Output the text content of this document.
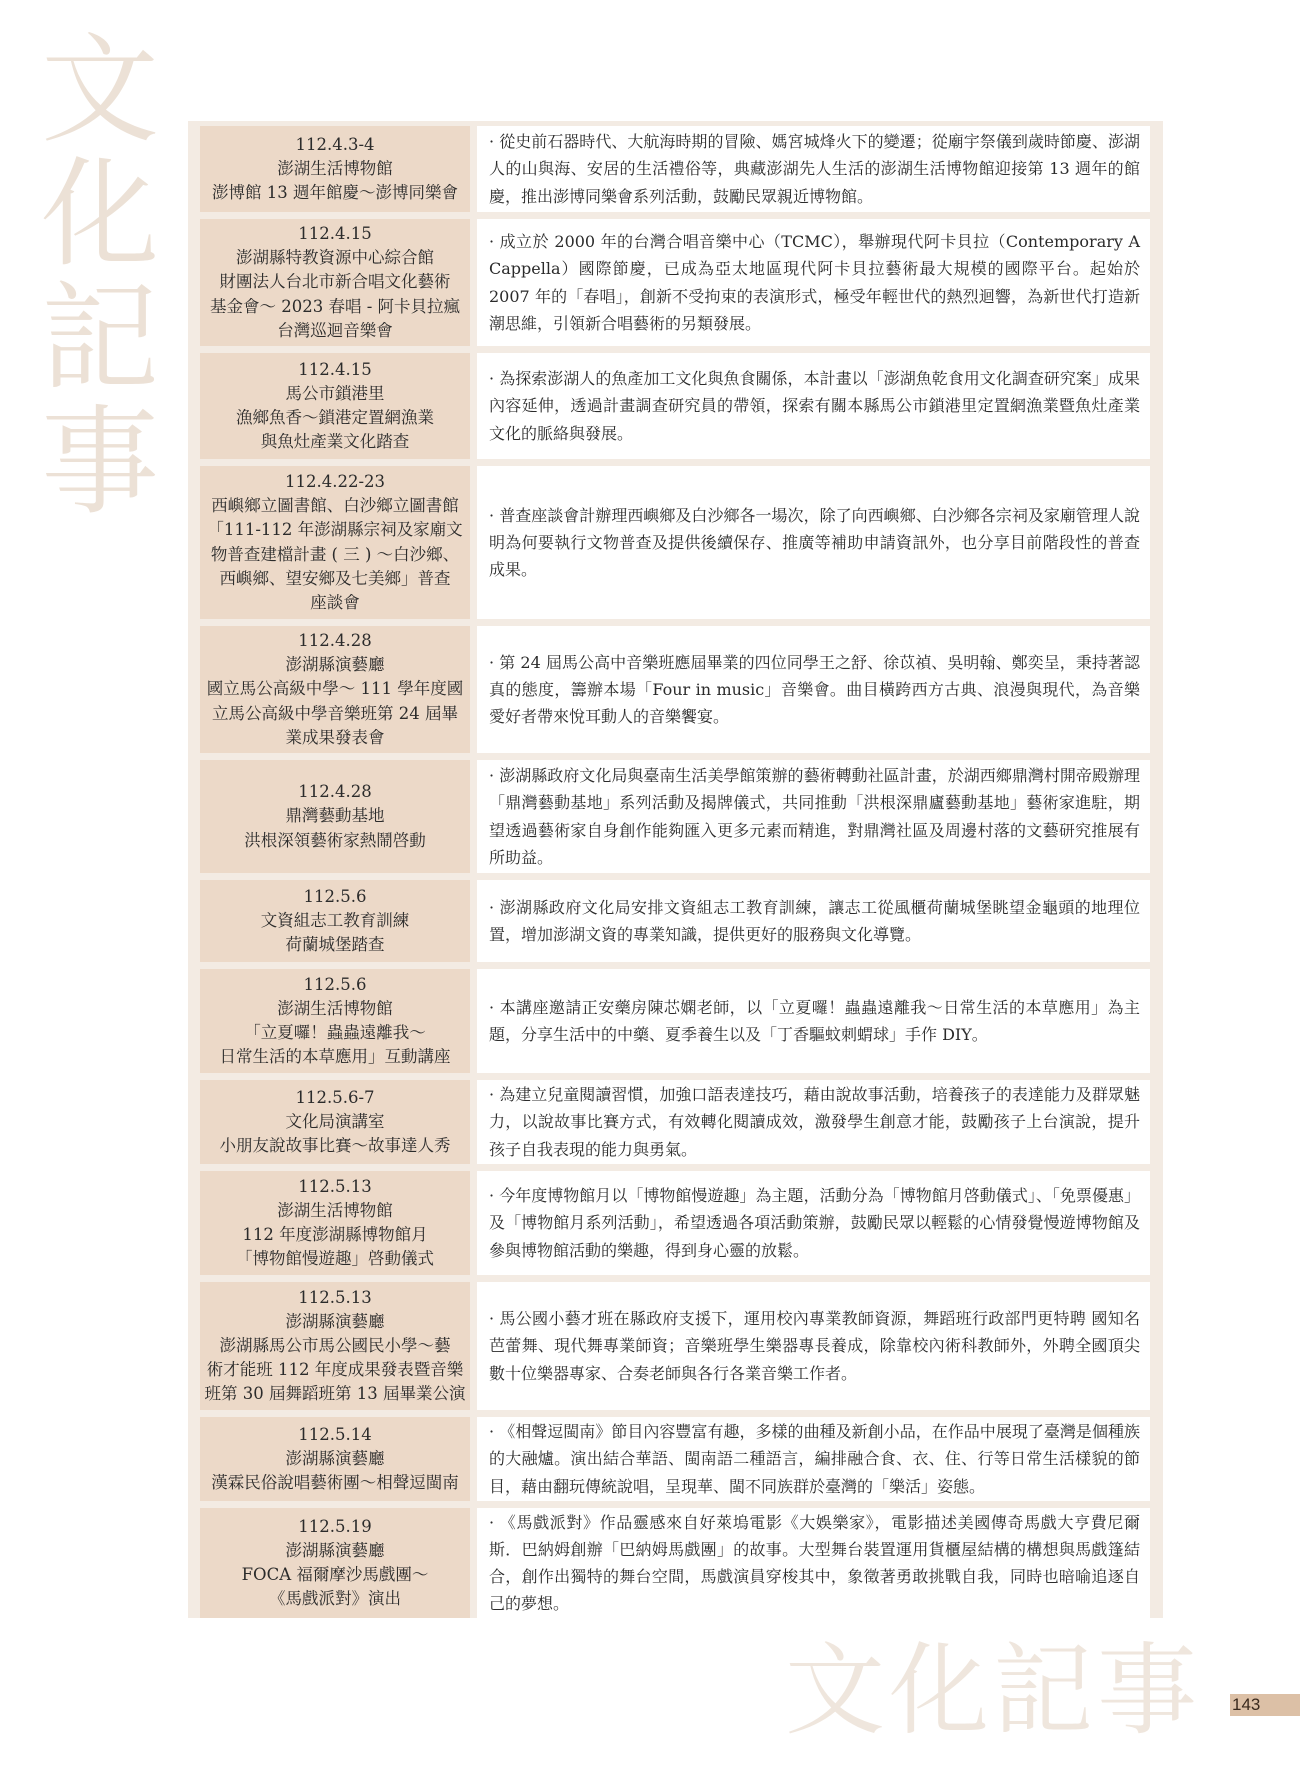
文
化
記
事
112.4.3-4
澎湖生活博物館
澎博館 13 週年館慶～澎博同樂會
· 從史前石器時代、大航海時期的冒險、媽宮城烽火下的變遷；從廟宇祭儀到歲時節慶、澎湖人的山與海、安居的生活禮俗等，典藏澎湖先人生活的澎湖生活博物館迎接第 13 週年的館慶，推出澎博同樂會系列活動，鼓勵民眾親近博物館。
112.4.15
澎湖縣特教資源中心綜合館
財團法人台北市新合唱文化藝術
基金會～ 2023 春唱 - 阿卡貝拉瘋
台灣巡迴音樂會
· 成立於 2000 年的台灣合唱音樂中心（TCMC），舉辦現代阿卡貝拉（Contemporary A Cappella）國際節慶，已成為亞太地區現代阿卡貝拉藝術最大規模的國際平台。起始於 2007 年的「春唱」，創新不受拘束的表演形式，極受年輕世代的熱烈迴響，為新世代打造新潮思維，引領新合唱藝術的另類發展。
112.4.15
馬公市鎖港里
漁鄉魚香～鎖港定置網漁業
與魚灶產業文化踏查
· 為探索澎湖人的魚產加工文化與魚食關係，本計畫以「澎湖魚乾食用文化調查研究案」成果內容延伸，透過計畫調查研究員的帶領，探索有關本縣馬公市鎖港里定置網漁業暨魚灶產業文化的脈絡與發展。
112.4.22-23
西嶼鄉立圖書館、白沙鄉立圖書館
「111-112 年澎湖縣宗祠及家廟文
物普查建檔計畫 ( 三 ) ～白沙鄉、
西嶼鄉、望安鄉及七美鄉」普查
座談會
· 普查座談會計辦理西嶼鄉及白沙鄉各一場次，除了向西嶼鄉、白沙鄉各宗祠及家廟管理人說明為何要執行文物普查及提供後續保存、推廣等補助申請資訊外，也分享目前階段性的普查成果。
112.4.28
澎湖縣演藝廳
國立馬公高級中學～ 111 學年度國
立馬公高級中學音樂班第 24 屆畢
業成果發表會
· 第 24 屆馬公高中音樂班應屆畢業的四位同學王之舒、徐苡禎、吳明翰、鄭奕呈，秉持著認真的態度，籌辦本場「Four in music」音樂會。曲目橫跨西方古典、浪漫與現代，為音樂愛好者帶來悅耳動人的音樂饗宴。
112.4.28
鼎灣藝動基地
洪根深領藝術家熱鬧啓動
· 澎湖縣政府文化局與臺南生活美學館策辦的藝術轉動社區計畫，於湖西鄉鼎灣村開帝殿辦理「鼎灣藝動基地」系列活動及揭牌儀式，共同推動「洪根深鼎廬藝動基地」藝術家進駐，期望透過藝術家自身創作能夠匯入更多元素而精進，對鼎灣社區及周邊村落的文藝研究推展有所助益。
112.5.6
文資組志工教育訓練
荷蘭城堡踏查
· 澎湖縣政府文化局安排文資組志工教育訓練，讓志工從風櫃荷蘭城堡眺望金龜頭的地理位置，增加澎湖文資的專業知識，提供更好的服務與文化導覽。
112.5.6
澎湖生活博物館
「立夏囉！蟲蟲遠離我～
日常生活的本草應用」互動講座
· 本講座邀請正安藥房陳芯嫻老師，以「立夏囉！蟲蟲遠離我～日常生活的本草應用」為主題，分享生活中的中藥、夏季養生以及「丁香驅蚊刺蝟球」手作 DIY。
112.5.6-7
文化局演講室
小朋友說故事比賽～故事達人秀
· 為建立兒童閱讀習慣，加強口語表達技巧，藉由說故事活動，培養孩子的表達能力及群眾魅力，以說故事比賽方式，有效轉化閱讀成效，激發學生創意才能，鼓勵孩子上台演說，提升孩子自我表現的能力與勇氣。
112.5.13
澎湖生活博物館
112 年度澎湖縣博物館月
「博物館慢遊趣」啓動儀式
· 今年度博物館月以「博物館慢遊趣」為主題，活動分為「博物館月啓動儀式」、「免票優惠」及「博物館月系列活動」，希望透過各項活動策辦，鼓勵民眾以輕鬆的心情發覺慢遊博物館及參與博物館活動的樂趣，得到身心靈的放鬆。
112.5.13
澎湖縣演藝廳
澎湖縣馬公市馬公國民小學～藝
術才能班 112 年度成果發表暨音樂
班第 30 屆舞蹈班第 13 屆畢業公演
· 馬公國小藝才班在縣政府支援下，運用校內專業教師資源，舞蹈班行政部門更特聘 國知名芭蕾舞、現代舞專業師資；音樂班學生樂器專長養成，除靠校內術科教師外，外聘全國頂尖數十位樂器專家、合奏老師與各行各業音樂工作者。
112.5.14
澎湖縣演藝廳
漢霖民俗說唱藝術團～相聲逗閩南
· 《相聲逗閩南》節目內容豐富有趣，多樣的曲種及新創小品，在作品中展現了臺灣是個種族的大融爐。演出結合華語、閩南語二種語言，編排融合食、衣、住、行等日常生活樣貌的節目，藉由翻玩傳統說唱，呈現華、閩不同族群於臺灣的「樂活」姿態。
112.5.19
澎湖縣演藝廳
FOCA 福爾摩沙馬戲團～
《馬戲派對》演出
· 《馬戲派對》作品靈感來自好萊塢電影《大娛樂家》，電影描述美國傳奇馬戲大亨費尼爾斯．巴納姆創辦「巴納姆馬戲團」的故事。大型舞台裝置運用貨櫃屋結構的構想與馬戲篷結合，創作出獨特的舞台空間，馬戲演員穿梭其中，象徵著勇敢挑戰自我，同時也暗喻追逐自己的夢想。
文化記事 143
